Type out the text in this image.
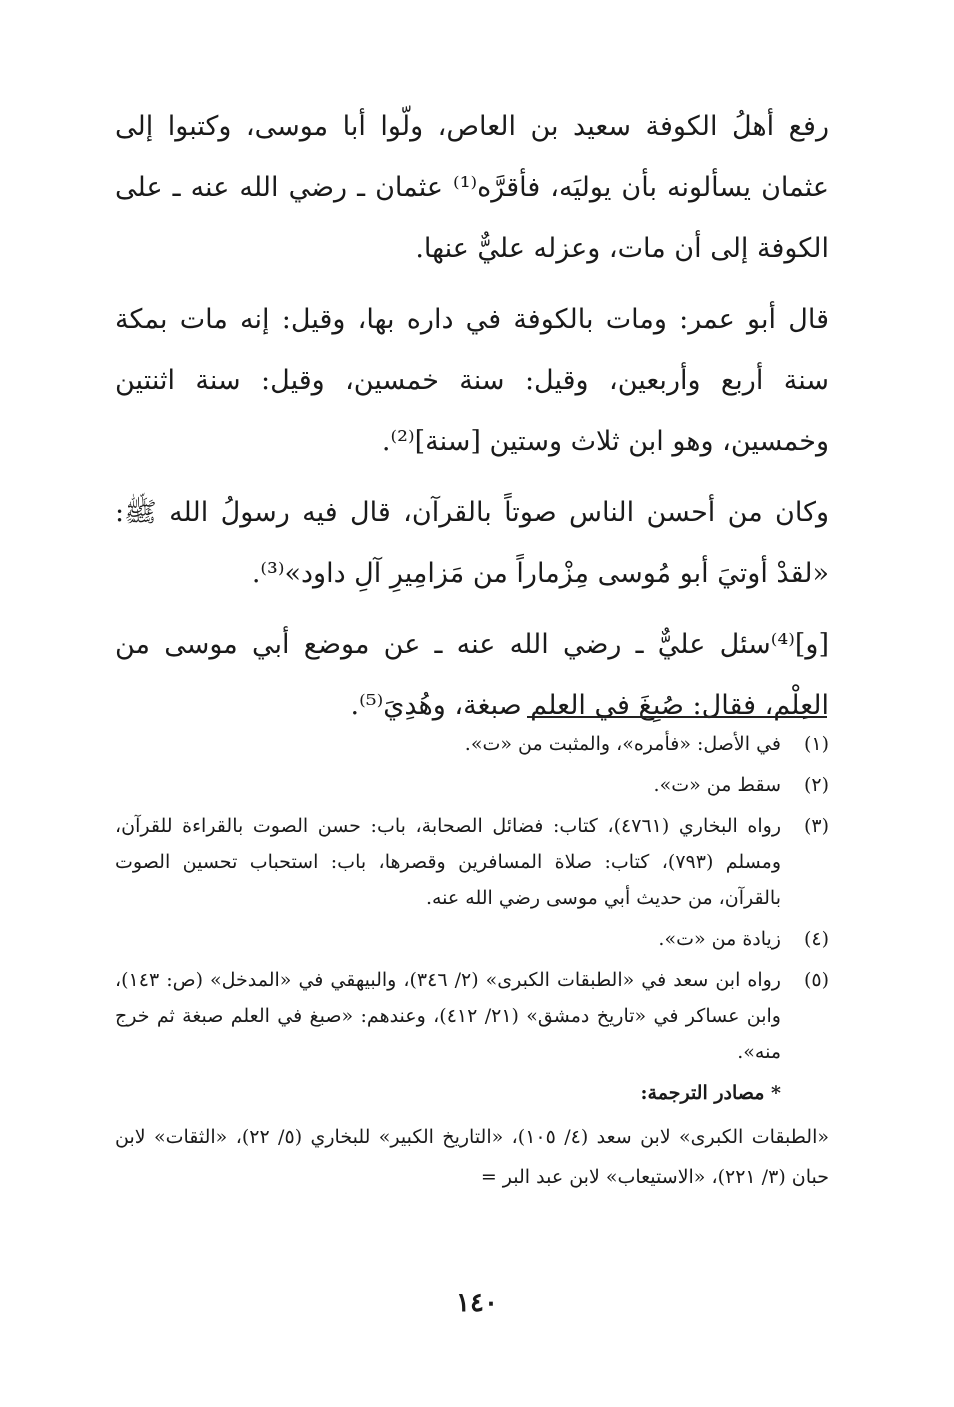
رفع أهلُ الكوفة سعيد بن العاص، ولّوا أبا موسى، وكتبوا إلى عثمان يسألونه بأن يوليَه، فأقرَّه⁽¹⁾ عثمان ـ رضي الله عنه ـ على الكوفة إلى أن مات، وعزله عليٌّ عنها.

قال أبو عمر: ومات بالكوفة في داره بها، وقيل: إنه مات بمكة سنة أربع وأربعين، وقيل: سنة خمسين، وقيل: سنة اثنتين وخمسين، وهو ابن ثلاث وستين [سنة]⁽²⁾.

وكان من أحسن الناس صوتاً بالقرآن، قال فيه رسولُ الله ﷺ: «لقدْ أوتيَ أبو مُوسى مِزْماراً من مَزامِيرِ آلِ داود»⁽³⁾.

[و]⁽⁴⁾سئل عليٌّ ـ رضي الله عنه ـ عن موضع أبي موسى من العِلْم، فقال: صُبِغَ في العلم صبغة، وهُدِيَ⁽⁵⁾.

(١)
في الأصل: «فأمره»، والمثبت من «ت».
(٢)
سقط من «ت».
(٣)
رواه البخاري (٤٧٦١)، كتاب: فضائل الصحابة، باب: حسن الصوت بالقراءة للقرآن، ومسلم (٧٩٣)، كتاب: صلاة المسافرين وقصرها، باب: استحباب تحسين الصوت بالقرآن، من حديث أبي موسى رضي الله عنه.
(٤)
زيادة من «ت».
(٥)
رواه ابن سعد في «الطبقات الكبرى» (٢/ ٣٤٦)، والبيهقي في «المدخل» (ص: ١٤٣)، وابن عساكر في «تاريخ دمشق» (٢١/ ٤١٢)، وعندهم: «صبغ في العلم صبغة ثم خرج منه».
* مصادر الترجمة:
«الطبقات الكبرى» لابن سعد (٤/ ١٠٥)، «التاريخ الكبير» للبخاري (٥/ ٢٢)، «الثقات» لابن حبان (٣/ ٢٢١)، «الاستيعاب» لابن عبد البر =
١٤٠
